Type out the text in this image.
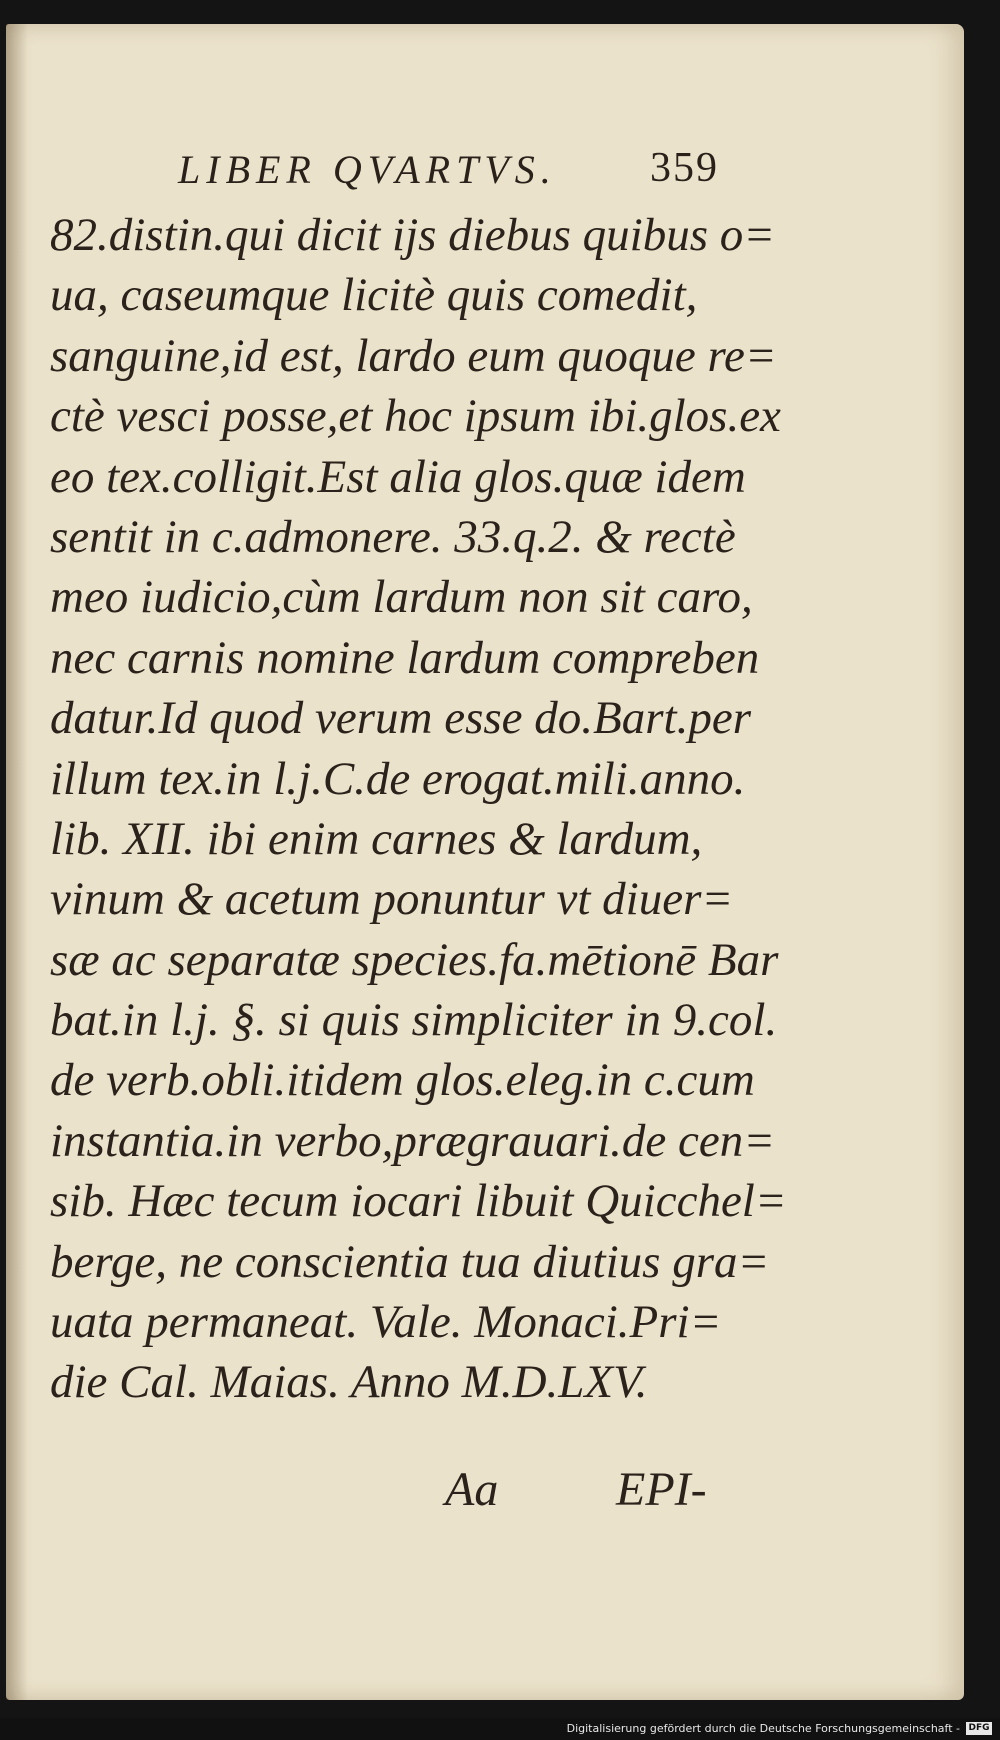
LIBER QVARTVS. 359
82.distin.qui dicit ijs diebus quibus o=
ua, caseumque licitè quis comedit,
sanguine,id est, lardo eum quoque re=
ctè vesci posse,et hoc ipsum ibi.glos.ex
eo tex.colligit.Est alia glos.quæ idem
sentit in c.admonere. 33.q.2. & rectè
meo iudicio,cùm lardum non sit caro,
nec carnis nomine lardum compreben
datur.Id quod verum esse do.Bart.per
illum tex.in l.j.C.de erogat.mili.anno.
lib. XII. ibi enim carnes & lardum,
vinum & acetum ponuntur vt diuer=
sæ ac separatæ species.fa.mētionē Bar
bat.in l.j. §. si quis simpliciter in 9.col.
de verb.obli.itidem glos.eleg.in c.cum
instantia.in verbo,prægrauari.de cen=
sib. Hæc tecum iocari libuit Quicchel=
berge, ne conscientia tua diutius gra=
uata permaneat. Vale. Monaci.Pri=
die Cal. Maias. Anno M.D.LXV.
Aa EPI-
Digitalisierung gefördert durch die Deutsche Forschungsgemeinschaft - DFG
